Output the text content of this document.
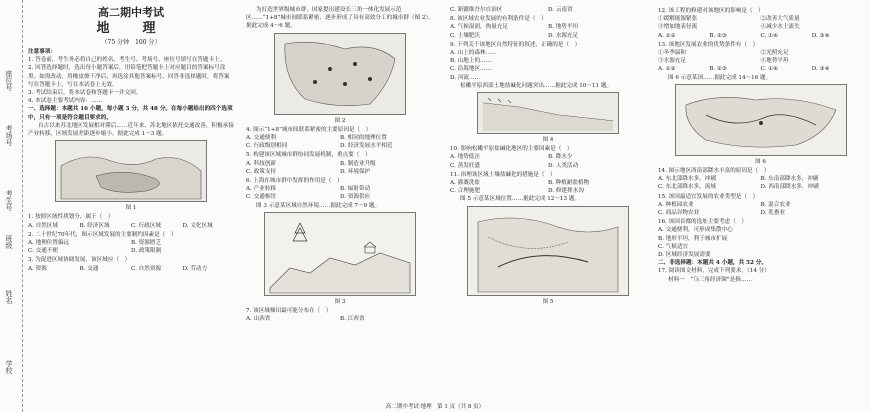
座位号
考场号
考生号
班级
姓名
学校
高二期中考试
地　理
（75 分钟　100 分）
注意事项：

1. 答卷前，考生务必将自己的姓名、考生号、考场号、座位号填写在答题卡上。

2. 回答选择题时，选出每小题答案后，用铅笔把答题卡上对应题目的答案标号涂黑。如需改动，用橡皮擦干净后，再选涂其他答案标号。回答非选择题时，将答案写在答题卡上，写在本试卷上无效。

3. 考试结束后，将本试卷和答题卡一并交回。

4. 本试卷主要考试内容：……

一、选择题：本题共 16 小题，每小题 3 分，共 48 分。在每小题给出的四个选项中，只有一项是符合题目要求的。

自古以来苏北地区发展相对滞后……近年来，苏北地区依托交通改善，积极承接产业转移，区域发展差距逐步缩小。据此完成 1～3 题。

图 1
1. 按照区域性质划分，属于（　）
A. 自然区域	B. 经济区域	C. 行政区域	D. 文化区域
2. 二十世纪70年代，图示区域发展的主要制约因素是（　）
A. 地理位置偏远	B. 资源匮乏
C. 交通不便	D. 政策限制
3. 为促进区域协调发展，该区域应（　）
A. 资源	B. 交通	C. 自然资源	D. 劳动力

为打造世界级城市群，国家提出建设长三角一体化发展示范区……“1+8”城市间联系紧密，逐步形成了具有高效分工的城市群（图 2）。据此完成 4～6 题。

图 2
4. 图示“1+8”城市间联系紧密的主要原因是（　）
A. 交通便利	B. 相同的地理位置
C. 行政级别相同	D. 经济发展水平相近
5. 构建该区域城市群协同发展机制，重点要（　）
A. 科技创新	B. 制造业升级
C. 政策支持	D. 环境保护
6. 上海在城市群中发挥的作用是（　）
A. 产业转移	B. 辐射带动
C. 交通枢纽	D. 资源供应

图 3 示意某区域自然环境……据此完成 7～9 题。

图 3
7. 该区域梯田最可能分布在（　）
A. 山西省	B. 江西省
C. 新疆维吾尔自治区	D. 云南省
8. 该区域农业发展的有利条件是（　）
A. 气候湿润，热量充足	B. 地势平坦
C. 土壤肥沃	D. 水源充足
9. 下列关于该地区自然特征的叙述，正确的是（　）
A. 山上的森林……
B. 山地上的……
C. 沿海地区……
D. 河流……

松嫩平原西部土地盐碱化问题突出……据此完成 10～11 题。

图 4
10. 影响松嫩平原盐碱化地区的主要因素是（　）
A. 地势低洼	B. 降水少
C. 蒸发旺盛	D. 人类活动
11. 治理该区域土壤盐碱化的措施是（　）
A. 灌溉洗盐	B. 种植耐盐植物
C. 合理施肥	D. 修建排水沟

图 5 示意某区域位置……据此完成 12～13 题。

图 5
12. 该工程的修建对该地区的影响是（　）
①缓解能源紧张	②改善大气质量
③增加地表径流	④减少水土流失
A. ①②	B. ②③	C. ①④	D. ③④
13. 该地区发展农业的优势条件有（　）
①冬季温和	②光照充足
③水源充足	④地势平坦
A. ①②	B. ②③	C. ①④	D. ③④

图 6 示意某国……据此完成 14～16 题。

图 6
14. 图示地区西南部降水丰富的原因是（　）
A. 东北部降水多，冲刷	B. 东南部降水多，冲刷
C. 东北部降水多，流域	D. 西南部降水多，冲刷
15. 该国最适宜发展的农业类型是（　）
A. 种植园农业	B. 混合农业
C. 商品谷物农业	D. 乳畜业
16. 该国首都的选址主要考虑（　）
A. 交通便利，可形成集散中心
B. 地形平坦，利于城市扩展
C. 气候适宜
D. 区域经济发展需要
二、非选择题：本题共 4 小题，共 52 分。
17. 阅读图文材料，完成下列要求。（14 分）

材料一　“乌三角经济圈”是指……

高二期中考试·地理　第 1 页（共 8 页）
